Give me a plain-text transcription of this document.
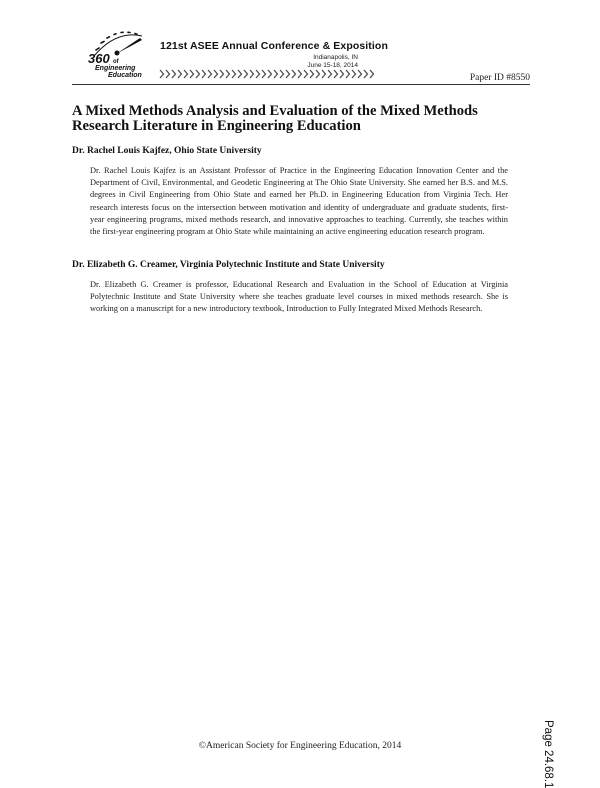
360 of
Engineering
Education
121st ASEE Annual Conference & Exposition
Indianapolis, IN
June 15-18, 2014
Paper ID #8550
A Mixed Methods Analysis and Evaluation of the Mixed Methods Research Literature in Engineering Education
Dr. Rachel Louis Kajfez, Ohio State University
Dr. Rachel Louis Kajfez is an Assistant Professor of Practice in the Engineering Education Innovation Center and the Department of Civil, Environmental, and Geodetic Engineering at The Ohio State University. She earned her B.S. and M.S. degrees in Civil Engineering from Ohio State and earned her Ph.D. in Engineering Education from Virginia Tech. Her research interests focus on the intersection between motivation and identity of undergraduate and graduate students, first-year engineering programs, mixed methods research, and innovative approaches to teaching. Currently, she teaches within the first-year engineering program at Ohio State while maintaining an active engineering education research program.
Dr. Elizabeth G. Creamer, Virginia Polytechnic Institute and State University
Dr. Elizabeth G. Creamer is professor, Educational Research and Evaluation in the School of Education at Virginia Polytechnic Institute and State University where she teaches graduate level courses in mixed methods research. She is working on a manuscript for a new introductory textbook, Introduction to Fully Integrated Mixed Methods Research.
Page 24.68.1
©American Society for Engineering Education, 2014
